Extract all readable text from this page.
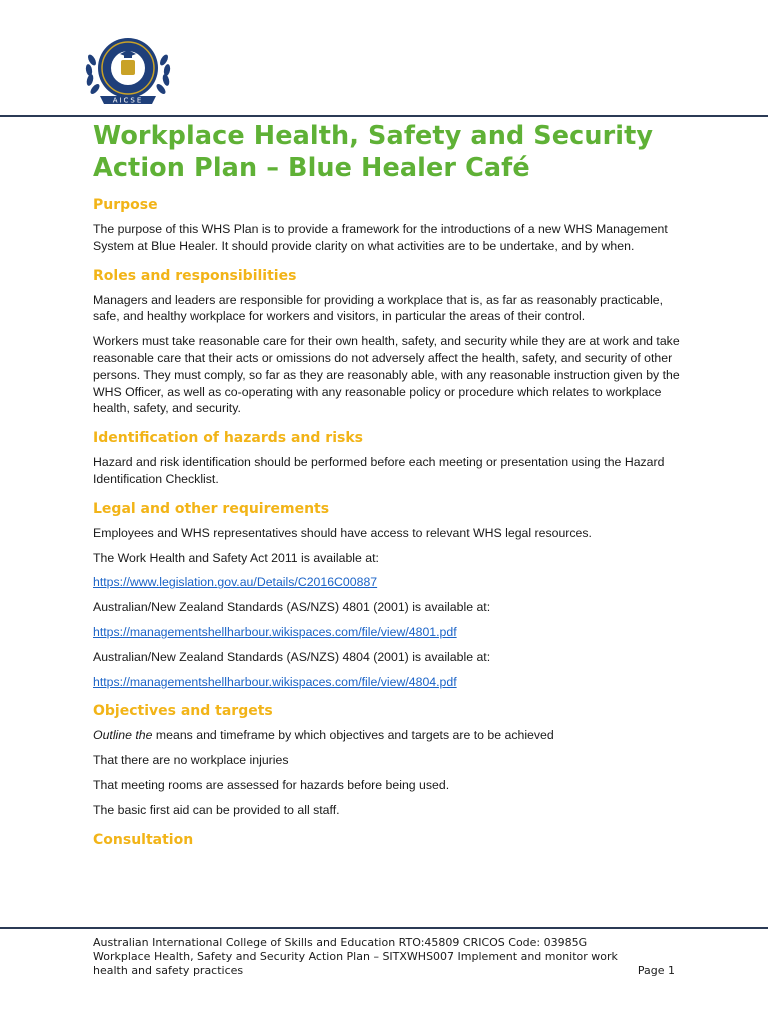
AICSE
Workplace Health, Safety and Security Action Plan – Blue Healer Café
Purpose

The purpose of this WHS Plan is to provide a framework for the introductions of a new WHS Management System at Blue Healer. It should provide clarity on what activities are to be undertake, and by when.

Roles and responsibilities

Managers and leaders are responsible for providing a workplace that is, as far as reasonably practicable, safe, and healthy workplace for workers and visitors, in particular the areas of their control.

Workers must take reasonable care for their own health, safety, and security while they are at work and take reasonable care that their acts or omissions do not adversely affect the health, safety, and security of other persons. They must comply, so far as they are reasonably able, with any reasonable instruction given by the WHS Officer, as well as co-operating with any reasonable policy or procedure which relates to workplace health, safety, and security.

Identification of hazards and risks

Hazard and risk identification should be performed before each meeting or presentation using the Hazard Identification Checklist.

Legal and other requirements

Employees and WHS representatives should have access to relevant WHS legal resources.

The Work Health and Safety Act 2011 is available at:

https://www.legislation.gov.au/Details/C2016C00887

Australian/New Zealand Standards (AS/NZS) 4801 (2001) is available at:

https://managementshellharbour.wikispaces.com/file/view/4801.pdf

Australian/New Zealand Standards (AS/NZS) 4804 (2001) is available at:

https://managementshellharbour.wikispaces.com/file/view/4804.pdf

Objectives and targets

Outline the means and timeframe by which objectives and targets are to be achieved

That there are no workplace injuries

That meeting rooms are assessed for hazards before being used.

The basic first aid can be provided to all staff.

Consultation
Australian International College of Skills and Education RTO:45809 CRICOS Code: 03985G
Workplace Health, Safety and Security Action Plan – SITXWHS007 Implement and monitor work
health and safety practices	Page 1
